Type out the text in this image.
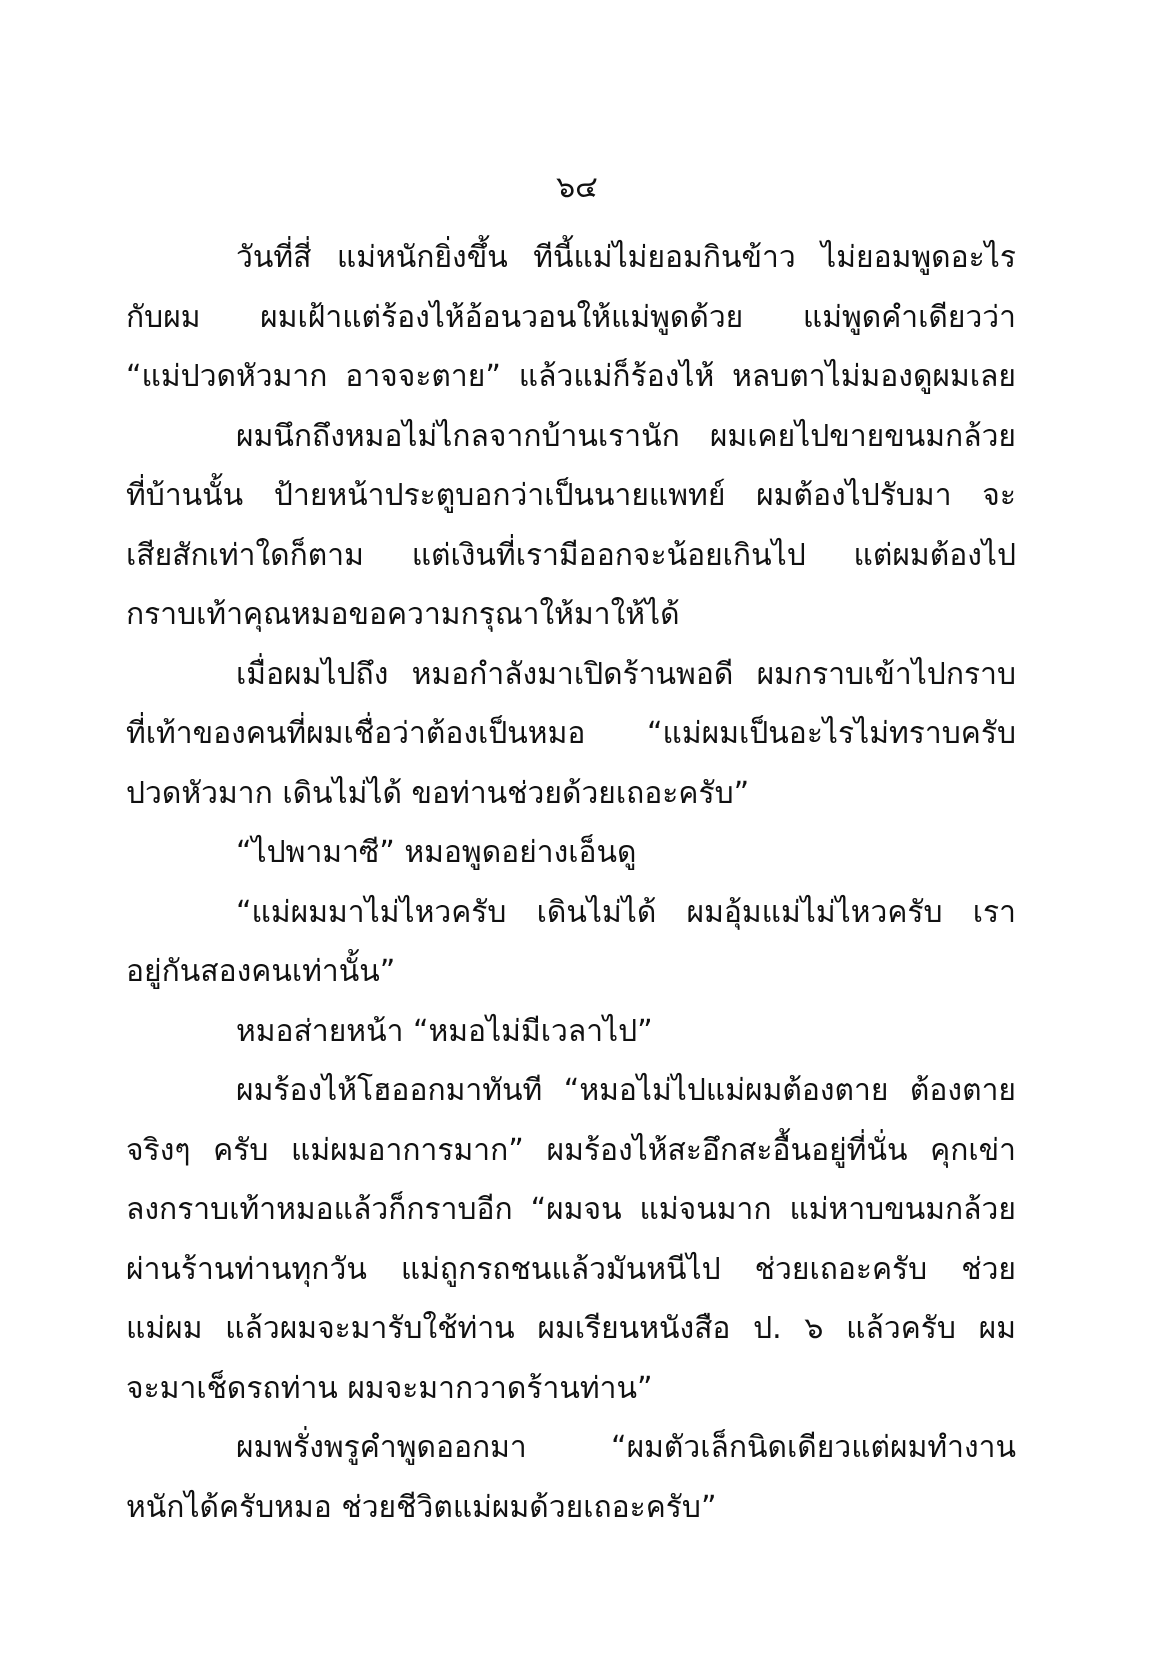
๖๔
วันที่สี่ แม่หนักยิ่งขึ้น ทีนี้แม่ไม่ยอมกินข้าว ไม่ยอมพูดอะไร
กับผม ผมเฝ้าแต่ร้องไห้อ้อนวอนให้แม่พูดด้วย แม่พูดคำเดียวว่า
“แม่ปวดหัวมาก อาจจะตาย” แล้วแม่ก็ร้องไห้ หลบตาไม่มองดูผมเลย
ผมนึกถึงหมอไม่ไกลจากบ้านเรานัก ผมเคยไปขายขนมกล้วย
ที่บ้านนั้น ป้ายหน้าประตูบอกว่าเป็นนายแพทย์ ผมต้องไปรับมา จะ
เสียสักเท่าใดก็ตาม แต่เงินที่เรามีออกจะน้อยเกินไป แต่ผมต้องไป
กราบเท้าคุณหมอขอความกรุณาให้มาให้ได้
เมื่อผมไปถึง หมอกำลังมาเปิดร้านพอดี ผมกราบเข้าไปกราบ
ที่เท้าของคนที่ผมเชื่อว่าต้องเป็นหมอ “แม่ผมเป็นอะไรไม่ทราบครับ
ปวดหัวมาก เดินไม่ได้ ขอท่านช่วยด้วยเถอะครับ”
“ไปพามาซี” หมอพูดอย่างเอ็นดู
“แม่ผมมาไม่ไหวครับ เดินไม่ได้ ผมอุ้มแม่ไม่ไหวครับ เรา
อยู่กันสองคนเท่านั้น”
หมอส่ายหน้า “หมอไม่มีเวลาไป”
ผมร้องไห้โฮออกมาทันที “หมอไม่ไปแม่ผมต้องตาย ต้องตาย
จริงๆ ครับ แม่ผมอาการมาก” ผมร้องไห้สะอึกสะอื้นอยู่ที่นั่น คุกเข่า
ลงกราบเท้าหมอแล้วก็กราบอีก “ผมจน แม่จนมาก แม่หาบขนมกล้วย
ผ่านร้านท่านทุกวัน แม่ถูกรถชนแล้วมันหนีไป ช่วยเถอะครับ ช่วย
แม่ผม แล้วผมจะมารับใช้ท่าน ผมเรียนหนังสือ ป. ๖ แล้วครับ ผม
จะมาเช็ดรถท่าน ผมจะมากวาดร้านท่าน”
ผมพรั่งพรูคำพูดออกมา “ผมตัวเล็กนิดเดียวแต่ผมทำงาน
หนักได้ครับหมอ ช่วยชีวิตแม่ผมด้วยเถอะครับ”
